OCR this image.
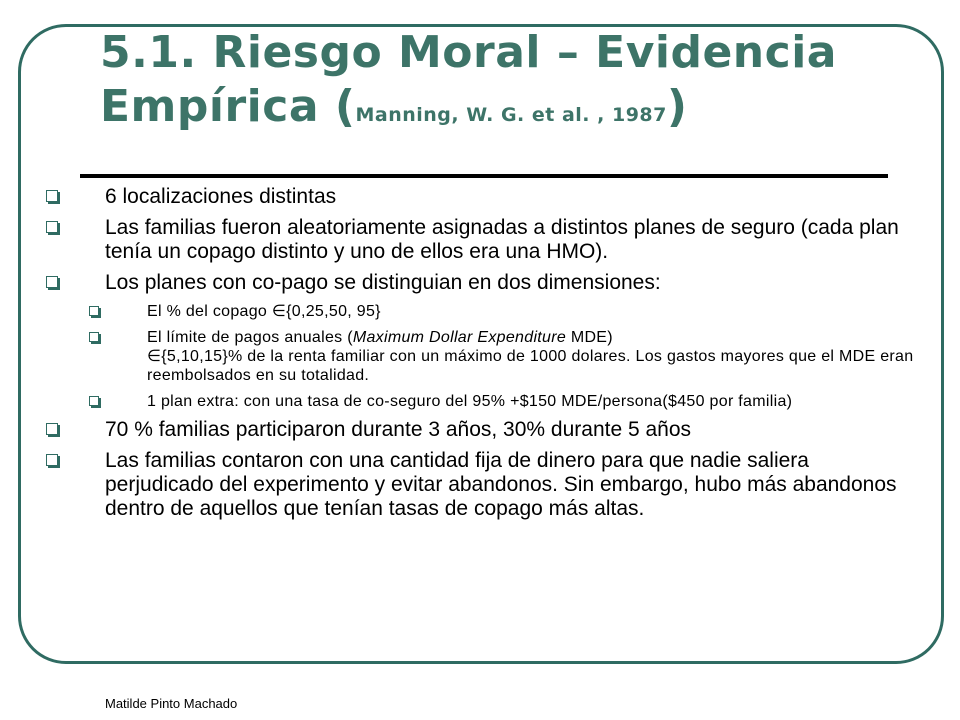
5.1. Riesgo Moral – Evidencia Empírica (Manning, W. G. et al. , 1987)
6 localizaciones distintas
Las familias fueron aleatoriamente asignadas a distintos planes de seguro (cada plan tenía un copago distinto y uno de ellos era una HMO).
Los planes con co-pago se distinguian en dos dimensiones:
El % del copago ∈{0,25,50, 95}
El límite de pagos anuales (Maximum Dollar Expenditure MDE)
∈{5,10,15}% de la renta familiar con un máximo de 1000 dolares. Los gastos mayores que el MDE eran reembolsados en su totalidad.
1 plan extra: con una tasa de co-seguro del 95% +$150 MDE/persona($450 por familia)
70 % familias participaron durante 3 años, 30% durante 5 años
Las familias contaron con una cantidad fija de dinero para que nadie saliera perjudicado del experimento y evitar abandonos. Sin embargo, hubo más abandonos dentro de aquellos que tenían tasas de copago más altas.
Matilde Pinto Machado
